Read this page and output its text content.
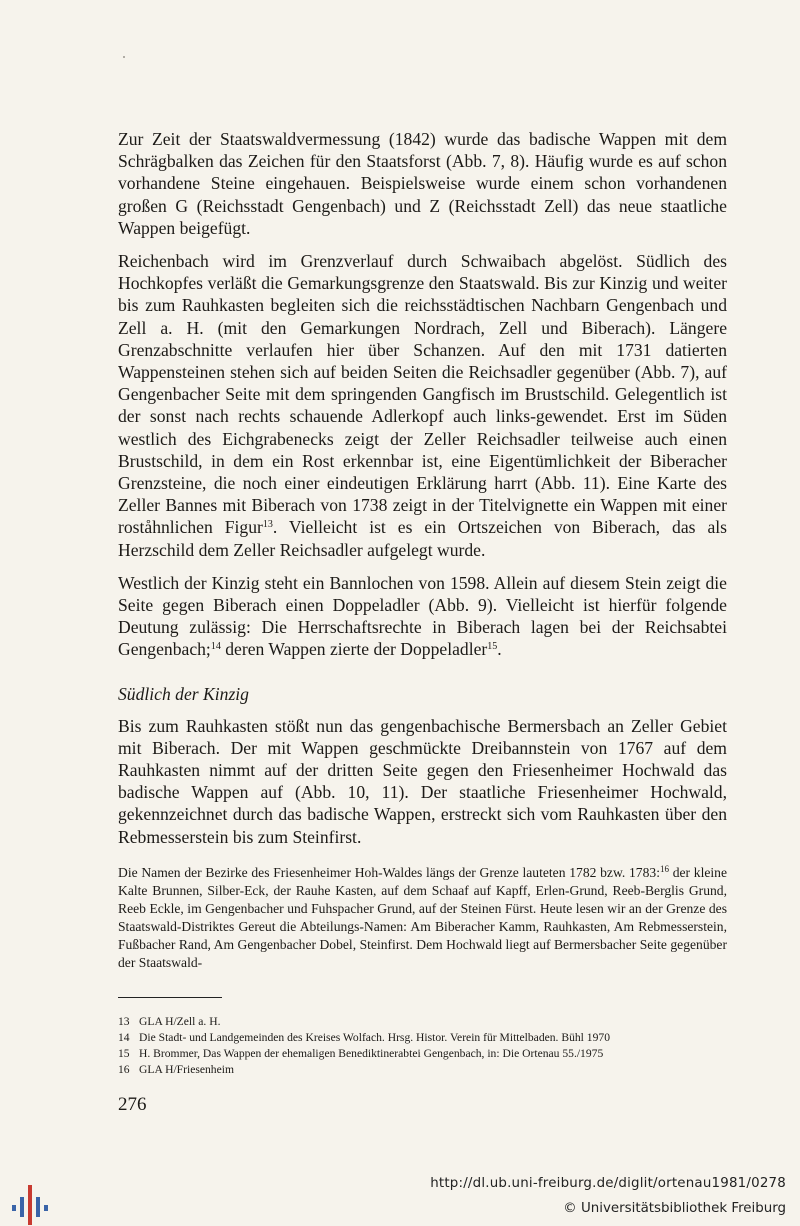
Zur Zeit der Staatswaldvermessung (1842) wurde das badische Wappen mit dem Schrägbalken das Zeichen für den Staatsforst (Abb. 7, 8). Häufig wurde es auf schon vorhandene Steine eingehauen. Beispielsweise wurde einem schon vorhandenen großen G (Reichsstadt Gengenbach) und Z (Reichsstadt Zell) das neue staatliche Wappen beigefügt.

Reichenbach wird im Grenzverlauf durch Schwaibach abgelöst. Südlich des Hochkopfes verläßt die Gemarkungsgrenze den Staatswald. Bis zur Kinzig und weiter bis zum Rauhkasten begleiten sich die reichsstädtischen Nachbarn Gengenbach und Zell a. H. (mit den Gemarkungen Nordrach, Zell und Biberach). Längere Grenzabschnitte verlaufen hier über Schanzen. Auf den mit 1731 datierten Wappensteinen stehen sich auf beiden Seiten die Reichsadler gegenüber (Abb. 7), auf Gengenbacher Seite mit dem springenden Gangfisch im Brustschild. Gelegentlich ist der sonst nach rechts schauende Adlerkopf auch links-gewendet. Erst im Süden westlich des Eichgrabenecks zeigt der Zeller Reichsadler teilweise auch einen Brustschild, in dem ein Rost erkennbar ist, eine Eigentümlichkeit der Biberacher Grenzsteine, die noch einer eindeutigen Erklärung harrt (Abb. 11). Eine Karte des Zeller Bannes mit Biberach von 1738 zeigt in der Titelvignette ein Wappen mit einer roståhnlichen Figur$^{13}$. Vielleicht ist es ein Ortszeichen von Biberach, das als Herzschild dem Zeller Reichsadler aufgelegt wurde.

Westlich der Kinzig steht ein Bannlochen von 1598. Allein auf diesem Stein zeigt die Seite gegen Biberach einen Doppeladler (Abb. 9). Vielleicht ist hierfür folgende Deutung zulässig: Die Herrschaftsrechte in Biberach lagen bei der Reichsabtei Gengenbach;$^{14}$ deren Wappen zierte der Doppeladler$^{15}$.

Südlich der Kinzig

Bis zum Rauhkasten stößt nun das gengenbachische Bermersbach an Zeller Gebiet mit Biberach. Der mit Wappen geschmückte Dreibannstein von 1767 auf dem Rauhkasten nimmt auf der dritten Seite gegen den Friesenheimer Hochwald das badische Wappen auf (Abb. 10, 11). Der staatliche Friesenheimer Hochwald, gekennzeichnet durch das badische Wappen, erstreckt sich vom Rauhkasten über den Rebmesserstein bis zum Steinfirst.

Die Namen der Bezirke des Friesenheimer Hoh-Waldes längs der Grenze lauteten 1782 bzw. 1783:$^{16}$ der kleine Kalte Brunnen, Silber-Eck, der Rauhe Kasten, auf dem Schaaf auf Kapff, Erlen-Grund, Reeb-Berglis Grund, Reeb Eckle, im Gengenbacher und Fuhspacher Grund, auf der Steinen Fürst. Heute lesen wir an der Grenze des Staatswald-Distriktes Gereut die Abteilungs-Namen: Am Biberacher Kamm, Rauhkasten, Am Rebmesserstein, Fußbacher Rand, Am Gengenbacher Dobel, Steinfirst. Dem Hochwald liegt auf Bermersbacher Seite gegenüber der Staatswald-

13 GLA H/Zell a. H.
14 Die Stadt- und Landgemeinden des Kreises Wolfach. Hrsg. Histor. Verein für Mittelbaden. Bühl 1970
15 H. Brommer, Das Wappen der ehemaligen Benediktinerabtei Gengenbach, in: Die Ortenau 55./1975
16 GLA H/Friesenheim
276
http://dl.ub.uni-freiburg.de/diglit/ortenau1981/0278
© Universitätsbibliothek Freiburg
